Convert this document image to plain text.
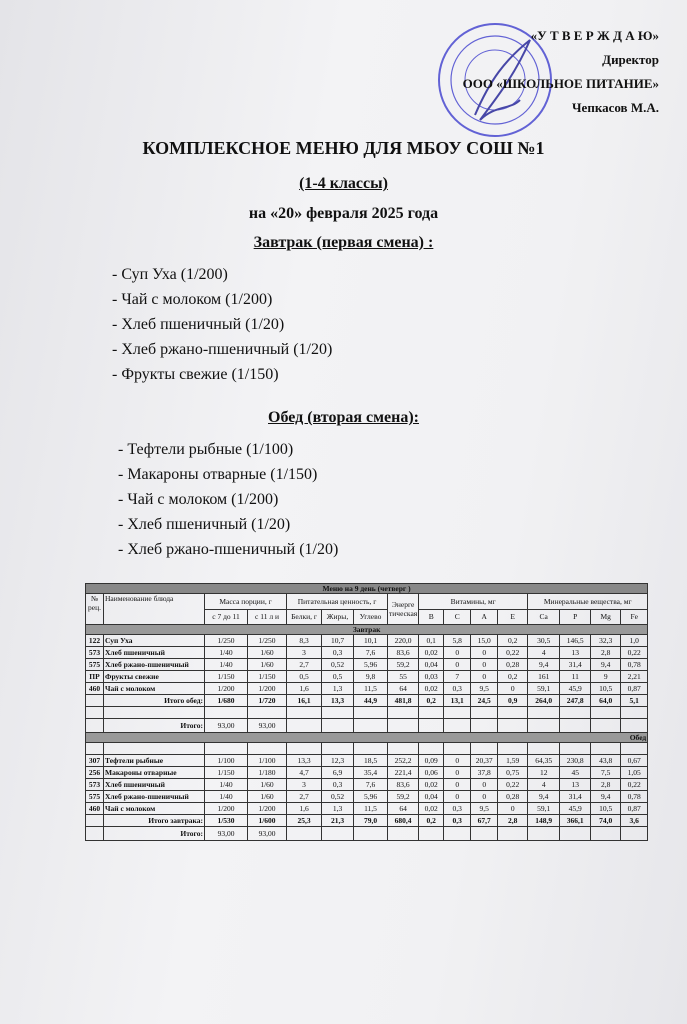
«У Т В Е Р Ж Д А Ю»
Директор
ООО «ШКОЛЬНОЕ ПИТАНИЕ»
Чепкасов М.А.
КОМПЛЕКСНОЕ МЕНЮ ДЛЯ МБОУ СОШ №1
(1-4 классы)
на «20» февраля 2025 года
Завтрак (первая смена) :
- Суп Уха (1/200)
- Чай с молоком (1/200)
- Хлеб пшеничный (1/20)
- Хлеб ржано-пшеничный (1/20)
- Фрукты свежие (1/150)
Обед (вторая смена):
- Тефтели рыбные (1/100)
- Макароны отварные (1/150)
- Чай с молоком (1/200)
- Хлеб пшеничный (1/20)
- Хлеб ржано-пшеничный (1/20)
Меню на 9 день (четверг )															
№ рец.	Наименование блюда	Масса порции, г		Питательная ценность, г			Энерге тическая	Витамины, мг				Минеральные вещества, мг			
		с 7 до 11	с 11 л и	Белки, г	Жиры,	Углево		B	C	A	E	Ca	P	Mg	Fe
Завтрак															
122	Суп Уха	1/250	1/250	8,3	10,7	10,1	220,0	0,1	5,8	15,0	0,2	30,5	146,5	32,3	1,0
573	Хлеб пшеничный	1/40	1/60	3	0,3	7,6	83,6	0,02	0	0	0,22	4	13	2,8	0,22
575	Хлеб ржано-пшеничный	1/40	1/60	2,7	0,52	5,96	59,2	0,04	0	0	0,28	9,4	31,4	9,4	0,78
ПР	Фрукты свежие	1/150	1/150	0,5	0,5	9,8	55	0,03	7	0	0,2	161	11	9	2,21
460	Чай с молоком	1/200	1/200	1,6	1,3	11,5	64	0,02	0,3	9,5	0	59,1	45,9	10,5	0,87
	Итого обед:	1/680	1/720	16,1	13,3	44,9	481,8	0,2	13,1	24,5	0,9	264,0	247,8	64,0	5,1

	Итого:	93,00	93,00												
Обед															

307	Тефтели рыбные	1/100	1/100	13,3	12,3	18,5	252,2	0,09	0	20,37	1,59	64,35	230,8	43,8	0,67
256	Макароны отварные	1/150	1/180	4,7	6,9	35,4	221,4	0,06	0	37,8	0,75	12	45	7,5	1,05
573	Хлеб пшеничный	1/40	1/60	3	0,3	7,6	83,6	0,02	0	0	0,22	4	13	2,8	0,22
575	Хлеб ржано-пшеничный	1/40	1/60	2,7	0,52	5,96	59,2	0,04	0	0	0,28	9,4	31,4	9,4	0,78
460	Чай с молоком	1/200	1/200	1,6	1,3	11,5	64	0,02	0,3	9,5	0	59,1	45,9	10,5	0,87
	Итого завтрака:	1/530	1/600	25,3	21,3	79,0	680,4	0,2	0,3	67,7	2,8	148,9	366,1	74,0	3,6
	Итого:	93,00	93,00												
